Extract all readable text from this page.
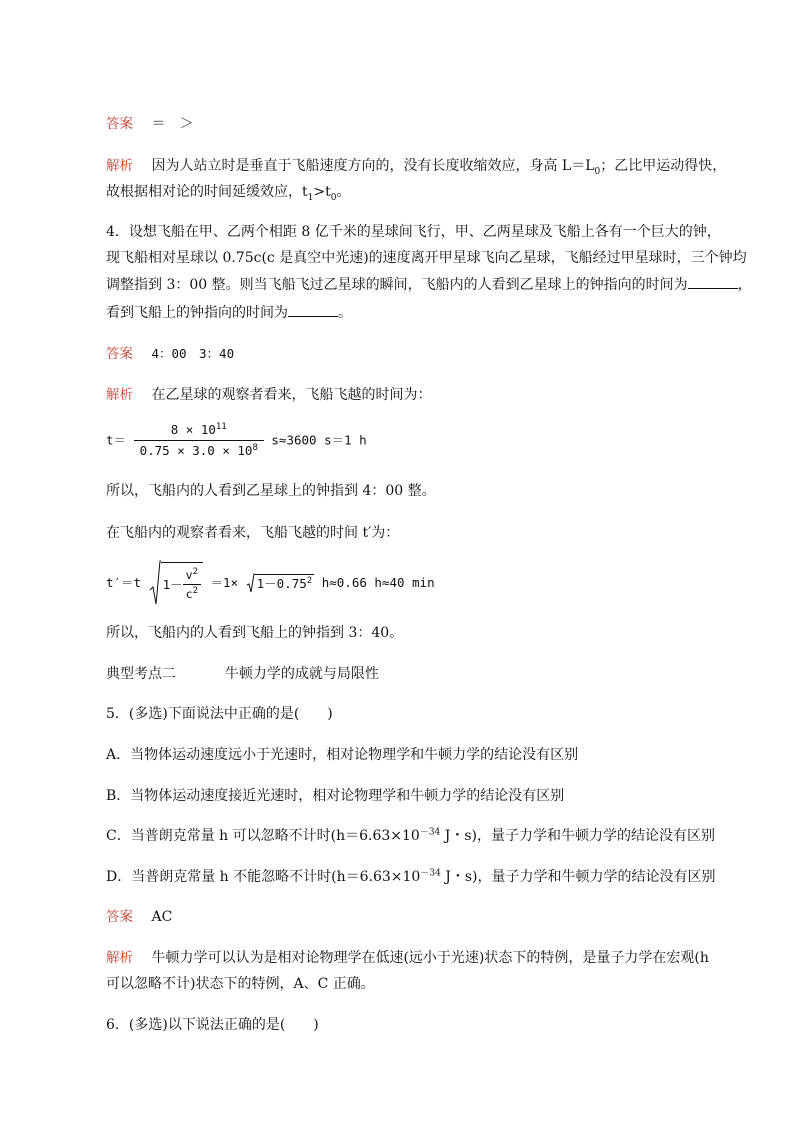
答案 ＝　＞
解析 因为人站立时是垂直于飞船速度方向的，没有长度收缩效应，身高 $L=L_0$；乙比甲运动得快，
故根据相对论的时间延缓效应，$t_1>t_0$。
4．设想飞船在甲、乙两个相距 8 亿千米的星球间飞行，甲、乙两星球及飞船上各有一个巨大的钟，
现飞船相对星球以 0.75c(c 是真空中光速)的速度离开甲星球飞向乙星球，飞船经过甲星球时，三个钟均
调整指到 3：00 整。则当飞船飞过乙星球的瞬间，飞船内的人看到乙星球上的钟指向的时间为	，
看到飞船上的钟指向的时间为	。
答案 4：00　3：40
解析 在乙星球的观察者看来，飞船飞越的时间为：
$t= \frac{8 \times 10^{11}}{0.75 \times 3.0 \times 10^8} s\approx 3600$ s＝1 h
所以，飞船内的人看到乙星球上的钟指到 4：00 整。
在飞船内的观察者看来，飞船飞越的时间 t′为：
t′＝t $1- \frac{v^2}{c^2} =1\times 1-0.75^2$ h≈0.66 h≈40 min
所以，飞船内的人看到飞船上的钟指到 3：40。
典型考点二	牛顿力学的成就与局限性
5．(多选)下面说法中正确的是(　　)
A．当物体运动速度远小于光速时，相对论物理学和牛顿力学的结论没有区别
B．当物体运动速度接近光速时，相对论物理学和牛顿力学的结论没有区别
C．当普朗克常量 h 可以忽略不计时($h=6.63\times 10^{-34}$ J・s)，量子力学和牛顿力学的结论没有区别
D．当普朗克常量 h 不能忽略不计时($h=6.63\times 10^{-34}$ J・s)，量子力学和牛顿力学的结论没有区别
答案 AC
解析 牛顿力学可以认为是相对论物理学在低速(远小于光速)状态下的特例，是量子力学在宏观(h
可以忽略不计)状态下的特例，A、C 正确。
6．(多选)以下说法正确的是(　　)
